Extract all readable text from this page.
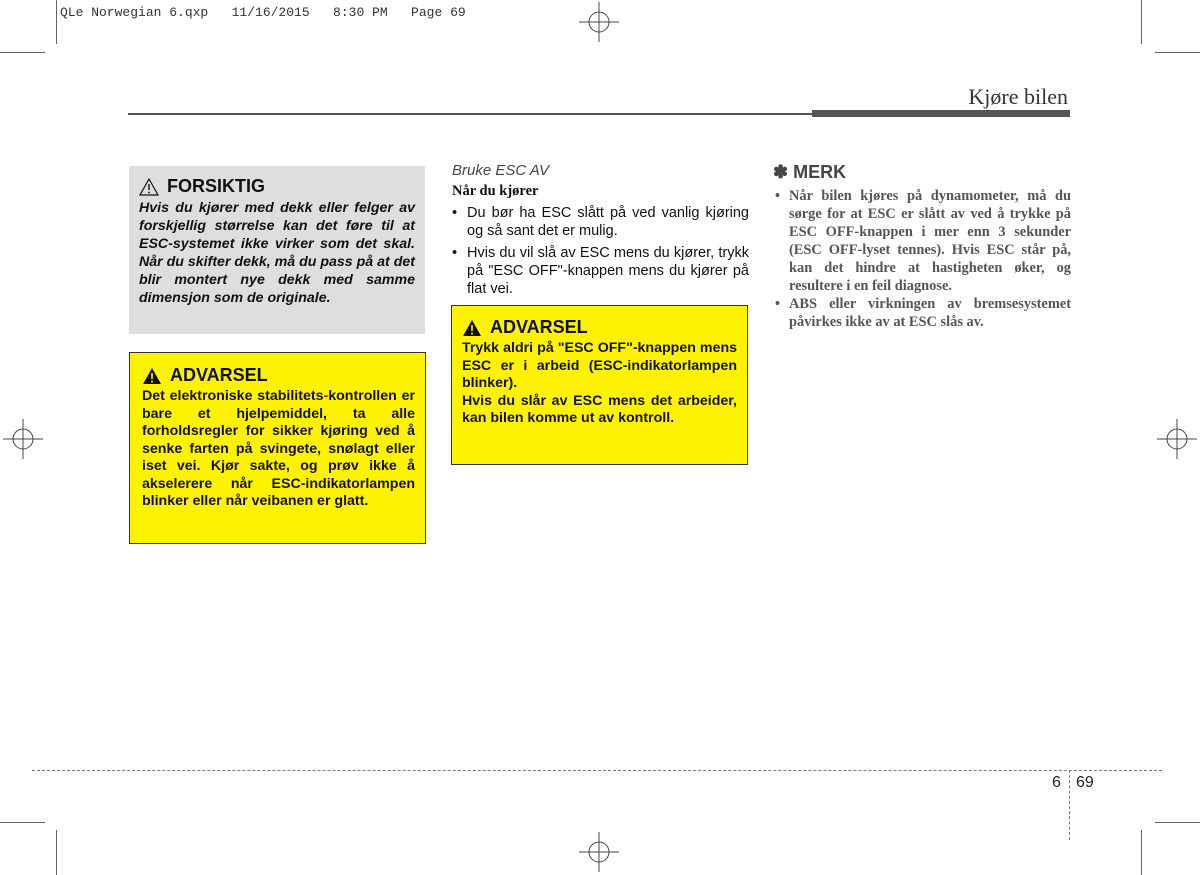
QLe Norwegian 6.qxp   11/16/2015   8:30 PM   Page 69
Kjøre bilen
FORSIKTIG
Hvis du kjører med dekk eller felger av forskjellig størrelse kan det føre til at ESC-systemet ikke virker som det skal. Når du skifter dekk, må du pass på at det blir montert nye dekk med samme dimensjon som de originale.
ADVARSEL
Det elektroniske stabilitets-kontrollen er bare et hjelpemiddel, ta alle forholdsregler for sikker kjøring ved å senke farten på svingete, snølagt eller iset vei. Kjør sakte, og prøv ikke å akselerere når ESC-indikatorlampen blinker eller når veibanen er glatt.
Bruke ESC AV
Når du kjører
• Du bør ha ESC slått på ved vanlig kjøring og så sant det er mulig.
• Hvis du vil slå av ESC mens du kjører, trykk på "ESC OFF"-knappen mens du kjører på flat vei.
ADVARSEL

Trykk aldri på "ESC OFF"-knappen mens ESC er i arbeid (ESC-indikatorlampen blinker).

Hvis du slår av ESC mens det arbeider, kan bilen komme ut av kontroll.

✽ MERK
• Når bilen kjøres på dynamometer, må du sørge for at ESC er slått av ved å trykke på ESC OFF-knappen i mer enn 3 sekunder (ESC OFF-lyset tennes). Hvis ESC står på, kan det hindre at hastigheten øker, og resultere i en feil diagnose.
• ABS eller virkningen av bremsesystemet påvirkes ikke av at ESC slås av.
6 69
